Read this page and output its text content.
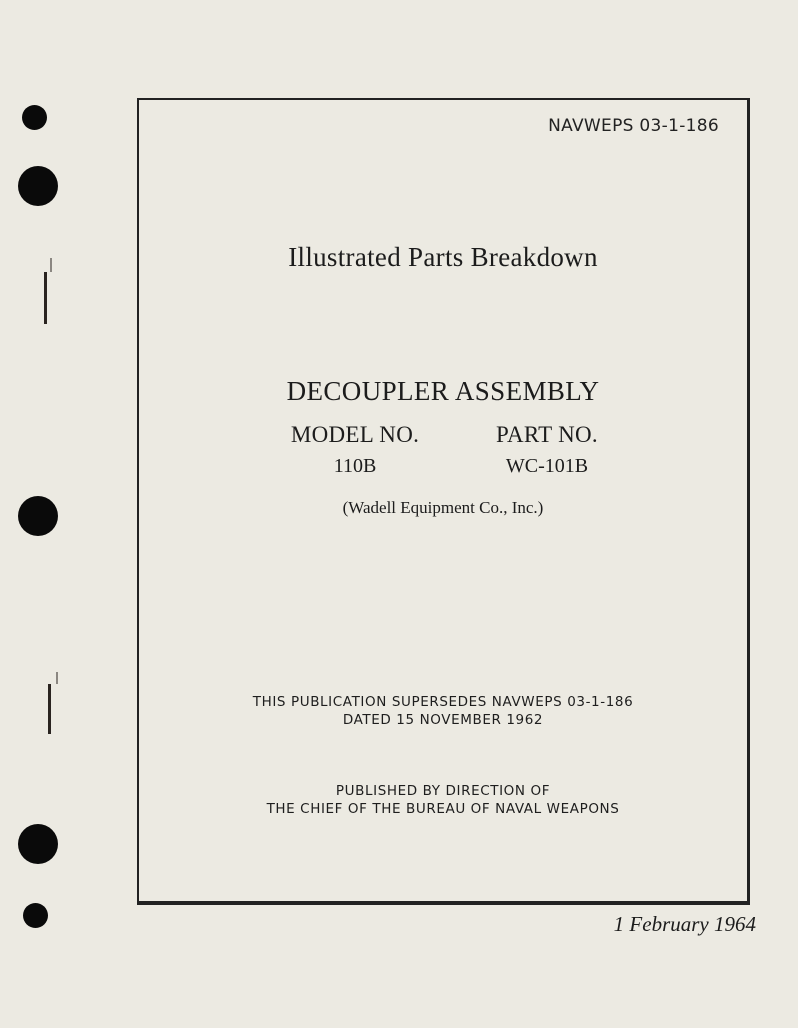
NAVWEPS 03-1-186
Illustrated Parts Breakdown
DECOUPLER ASSEMBLY
MODEL NO.
110B
PART NO.
WC-101B
(Wadell Equipment Co., Inc.)
THIS PUBLICATION SUPERSEDES NAVWEPS 03-1-186
DATED 15 NOVEMBER 1962
PUBLISHED BY DIRECTION OF
THE CHIEF OF THE BUREAU OF NAVAL WEAPONS
1 February 1964
